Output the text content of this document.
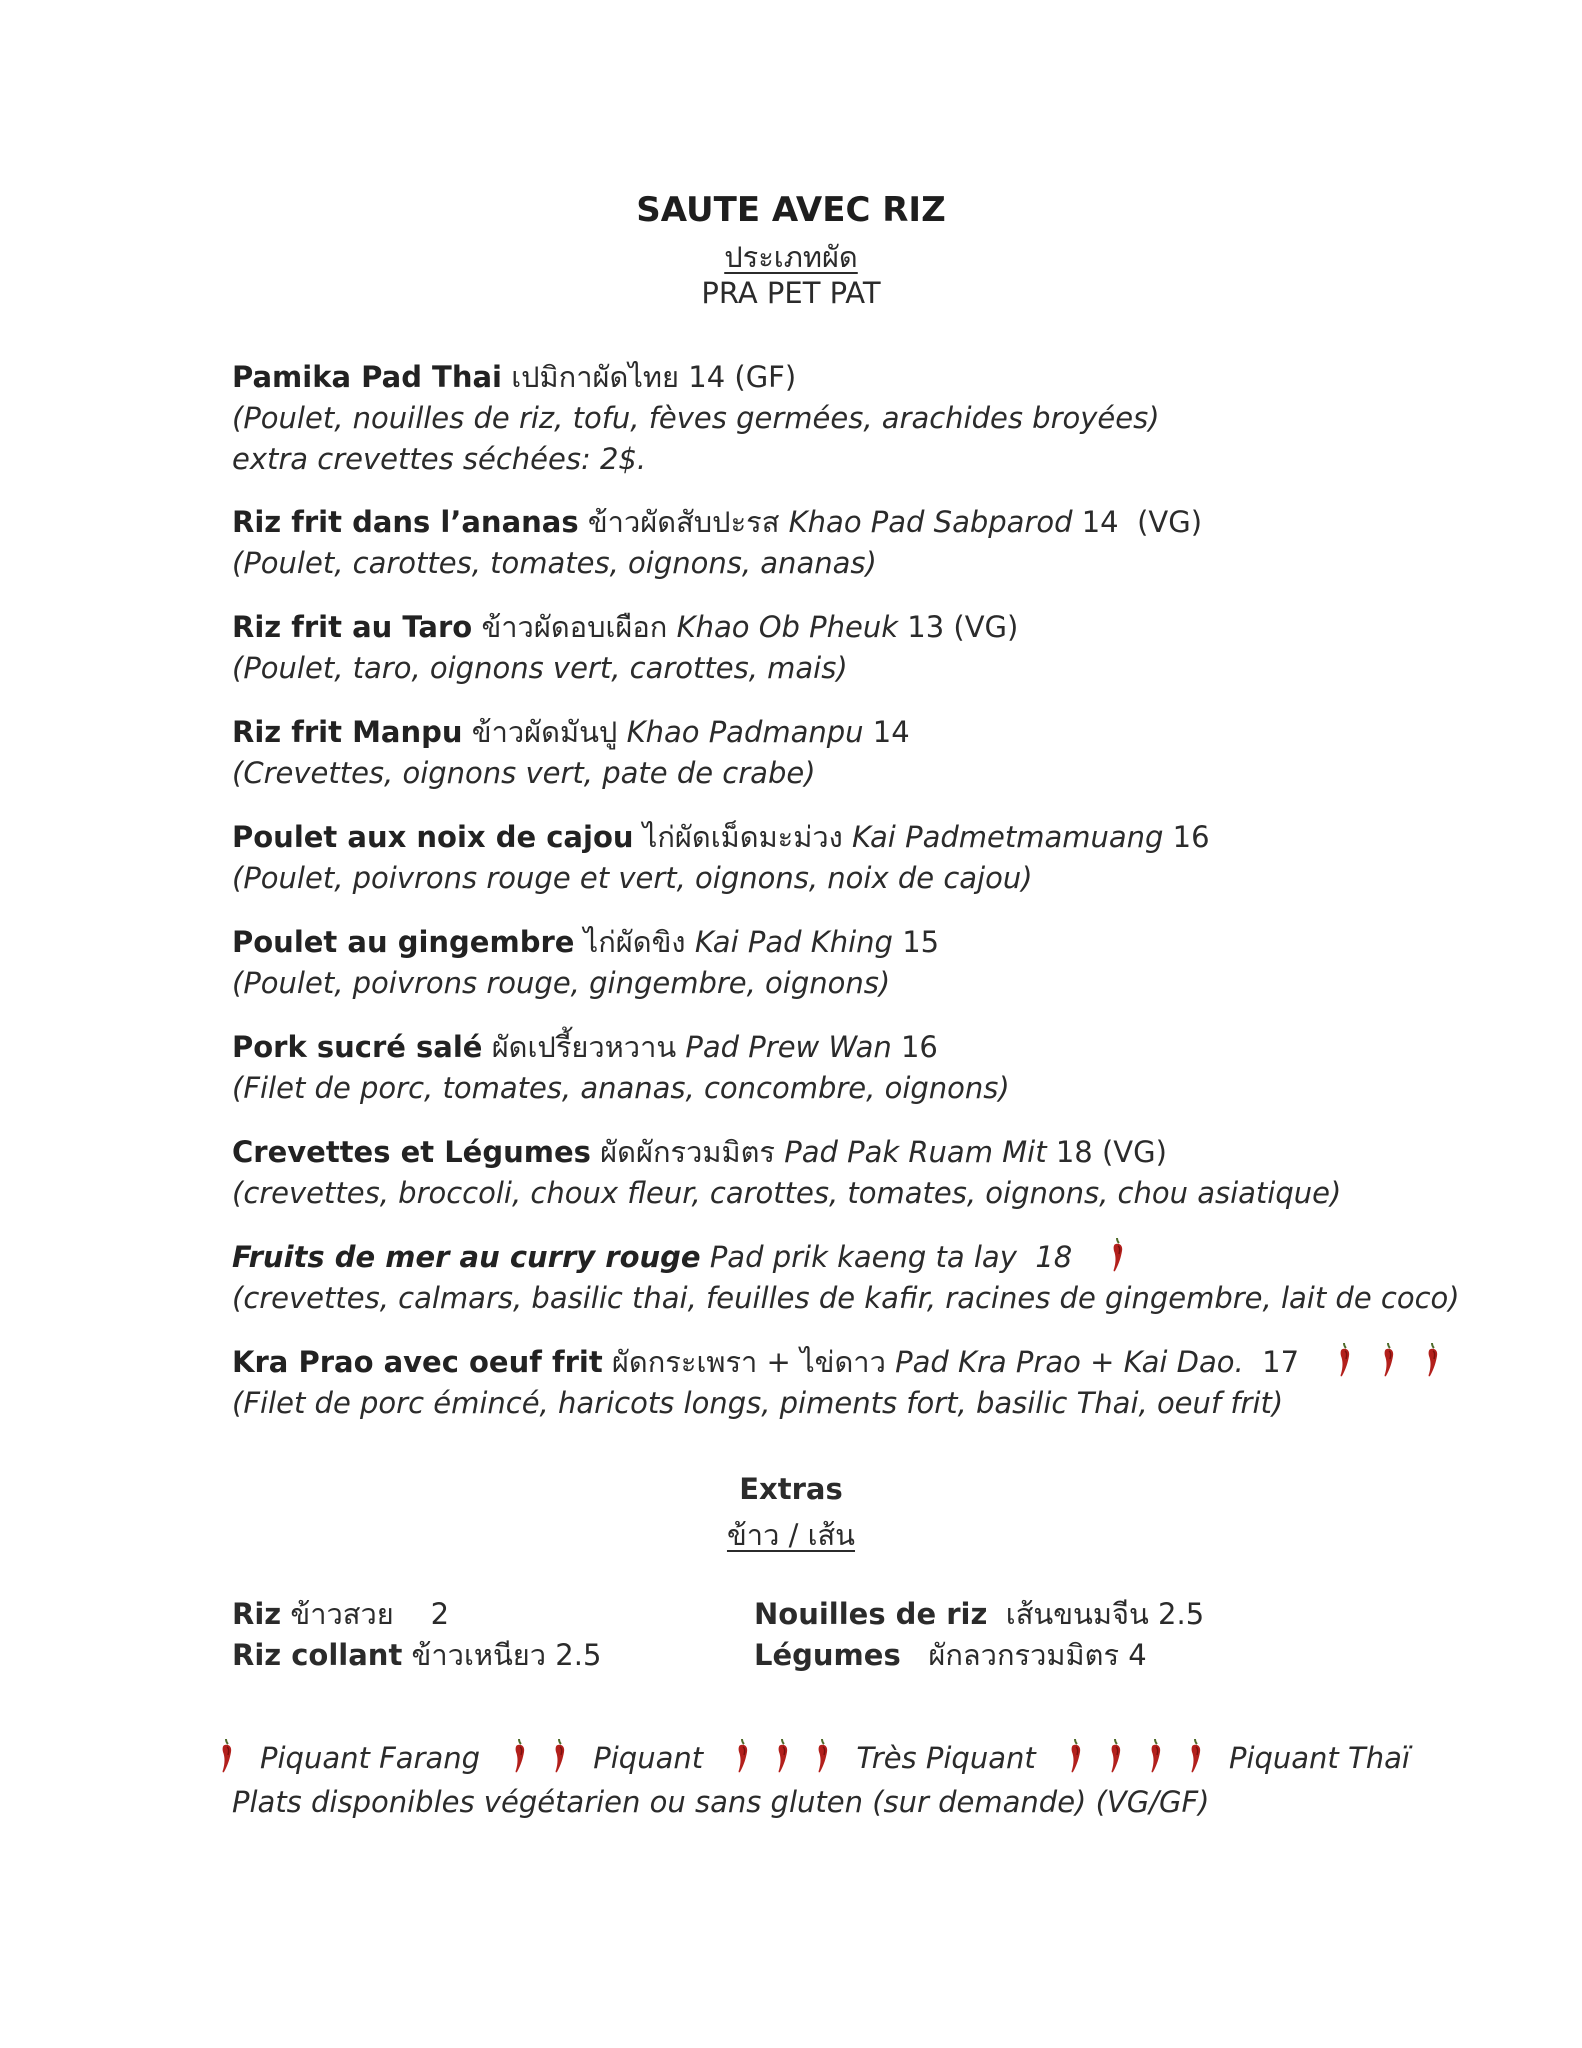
SAUTE AVEC RIZ
ประเภทผัด
PRA PET PAT
Pamika Pad Thai เปมิกาผัดไทย 14 (GF)
(Poulet, nouilles de riz, tofu, fèves germées, arachides broyées)
extra crevettes séchées: 2$.
Riz frit dans l’ananas ข้าวผัดสับปะรส Khao Pad Sabparod 14 (VG)
(Poulet, carottes, tomates, oignons, ananas)
Riz frit au Taro ข้าวผัดอบเผือก Khao Ob Pheuk 13 (VG)
(Poulet, taro, oignons vert, carottes, mais)
Riz frit Manpu ข้าวผัดมันปู Khao Padmanpu 14
(Crevettes, oignons vert, pate de crabe)
Poulet aux noix de cajou ไก่ผัดเม็ดมะม่วง Kai Padmetmamuang 16
(Poulet, poivrons rouge et vert, oignons, noix de cajou)
Poulet au gingembre ไก่ผัดขิง Kai Pad Khing 15
(Poulet, poivrons rouge, gingembre, oignons)
Pork sucré salé ผัดเปรี้ยวหวาน Pad Prew Wan 16
(Filet de porc, tomates, ananas, concombre, oignons)
Crevettes et Légumes ผัดผักรวมมิตร Pad Pak Ruam Mit 18 (VG)
(crevettes, broccoli, choux fleur, carottes, tomates, oignons, chou asiatique)
Fruits de mer au curry rouge Pad prik kaeng ta lay 18
(crevettes, calmars, basilic thai, feuilles de kafir, racines de gingembre, lait de coco)
Kra Prao avec oeuf frit ผัดกระเพรา + ไข่ดาว Pad Kra Prao + Kai Dao. 17
(Filet de porc émincé, haricots longs, piments fort, basilic Thai, oeuf frit)
Extras
ข้าว / เส้น
Riz ข้าวสวย 2
Riz collant ข้าวเหนียว 2.5
Nouilles de riz เส้นขนมจีน 2.5
Légumes ผักลวกรวมมิตร 4
Piquant Farang	Piquant	Très Piquant	Piquant Thaï
Plats disponibles végétarien ou sans gluten (sur demande) (VG/GF)
